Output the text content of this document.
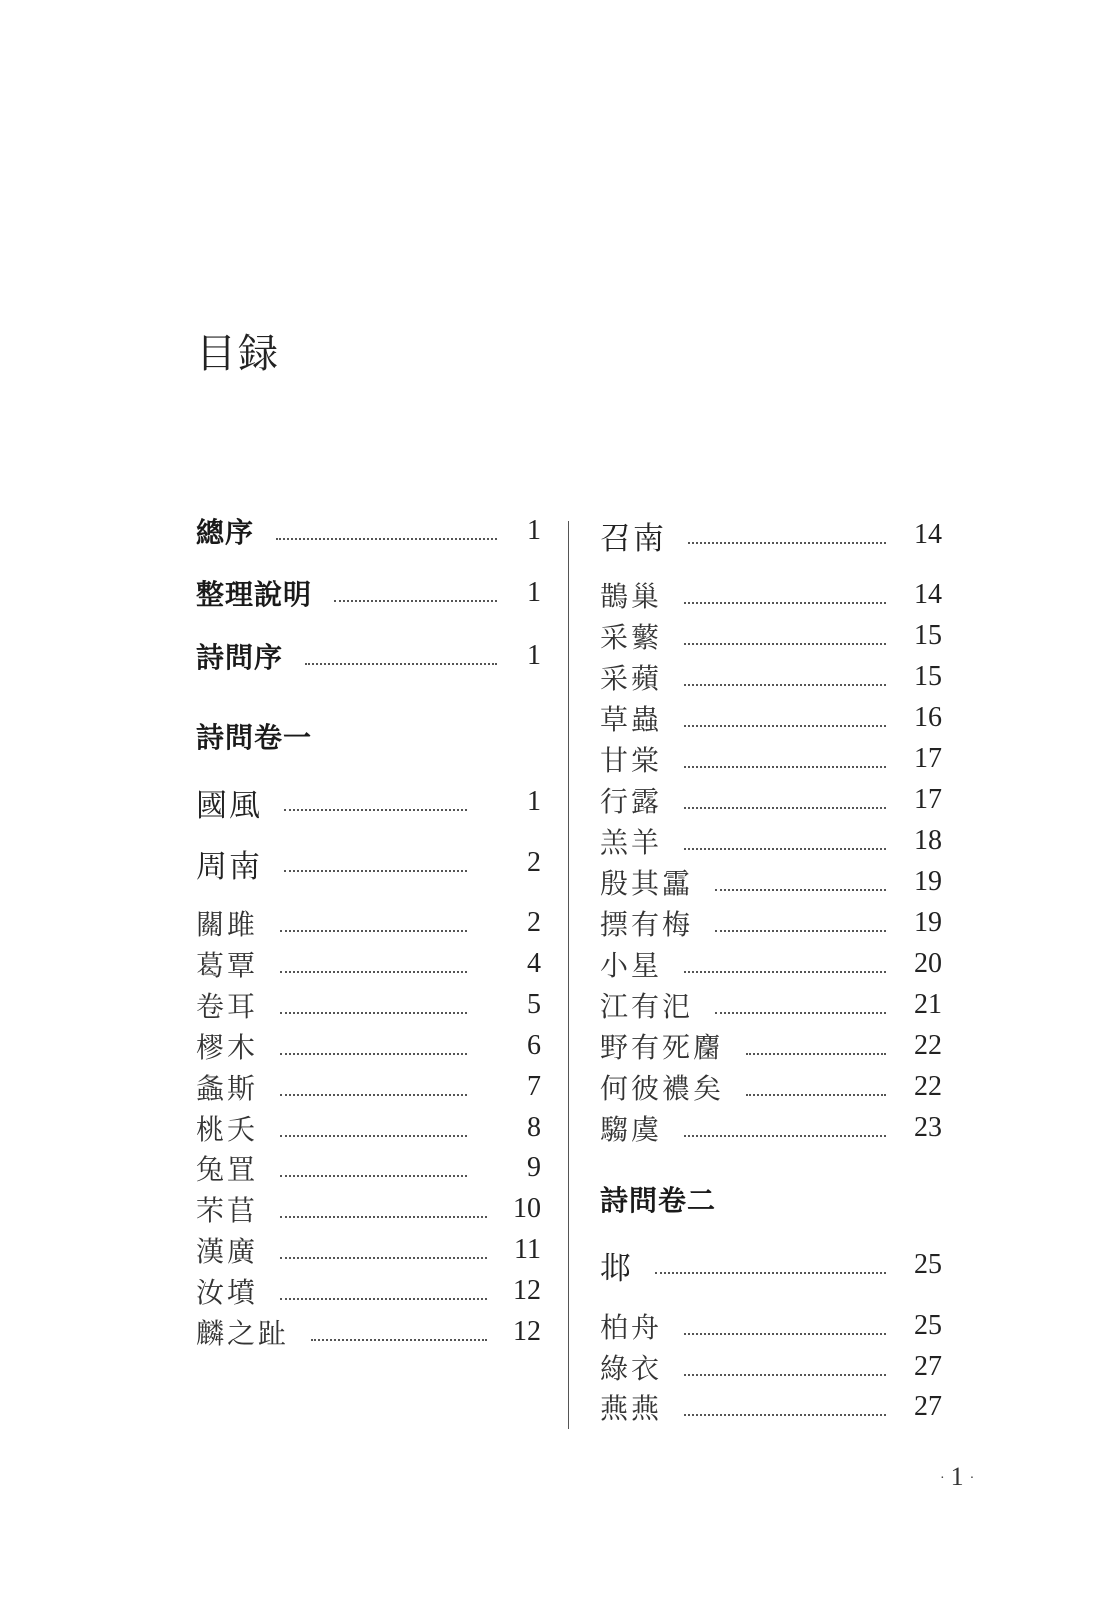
目録
總序	1
整理說明	1
詩問序	1
詩問卷一
國風	1
周南	2
關雎	2
葛覃	4
卷耳	5
樛木	6
螽斯	7
桃夭	8
兔罝	9
芣苢	10
漢廣	11
汝墳	12
麟之趾	12
召南	14
鵲巢	14
采蘩	15
采蘋	15
草蟲	16
甘棠	17
行露	17
羔羊	18
殷其靁	19
摽有梅	19
小星	20
江有汜	21
野有死麕	22
何彼襛矣	22
騶虞	23
詩問卷二
邶	25
柏舟	25
綠衣	27
燕燕	27
· 1 ·
